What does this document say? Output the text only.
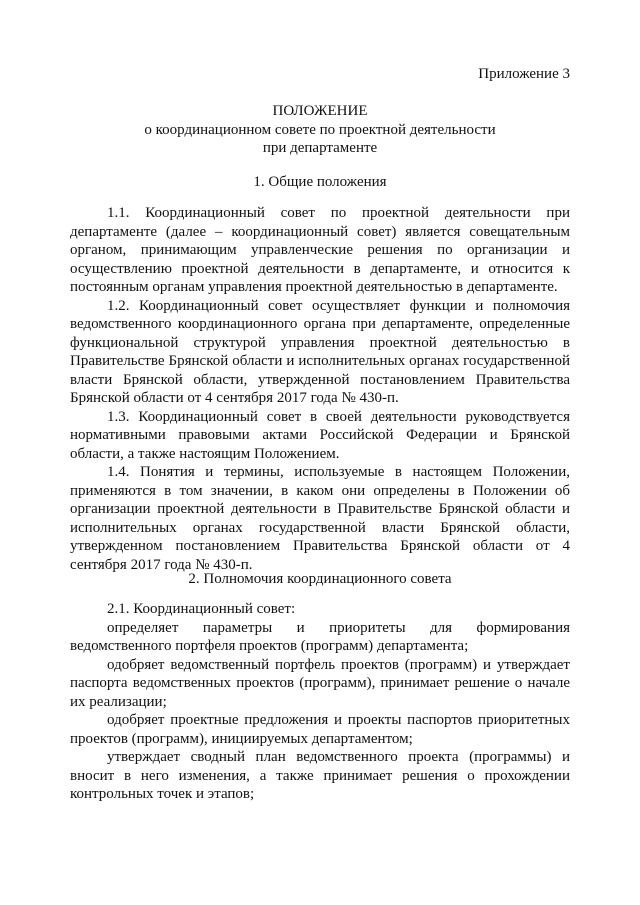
Приложение 3
ПОЛОЖЕНИЕ
о координационном совете по проектной деятельности
при департаменте
1. Общие положения

1.1. Координационный совет по проектной деятельности при департаменте (далее – координационный совет) является совещательным органом, принимающим управленческие решения по организации и осуществлению проектной деятельности в департаменте, и относится к постоянным органам управления проектной деятельностью в департаменте.

1.2. Координационный совет осуществляет функции и полномочия ведомственного координационного органа при департаменте, определенные функциональной структурой управления проектной деятельностью в Правительстве Брянской области и исполнительных органах государственной власти Брянской области, утвержденной постановлением Правительства Брянской области от 4 сентября 2017 года № 430-п.

1.3. Координационный совет в своей деятельности руководствуется нормативными правовыми актами Российской Федерации и Брянской области, а также настоящим Положением.

1.4. Понятия и термины, используемые в настоящем Положении, применяются в том значении, в каком они определены в Положении об организации проектной деятельности в Правительстве Брянской области и исполнительных органах государственной власти Брянской области, утвержденном постановлением Правительства Брянской области от 4 сентября 2017 года № 430-п.

2. Полномочия координационного совета

2.1. Координационный совет:

определяет параметры и приоритеты для формирования ведомственного портфеля проектов (программ) департамента;

одобряет ведомственный портфель проектов (программ) и утверждает паспорта ведомственных проектов (программ), принимает решение о начале их реализации;

одобряет проектные предложения и проекты паспортов приоритетных проектов (программ), инициируемых департаментом;

утверждает сводный план ведомственного проекта (программы) и вносит в него изменения, а также принимает решения о прохождении контрольных точек и этапов;
